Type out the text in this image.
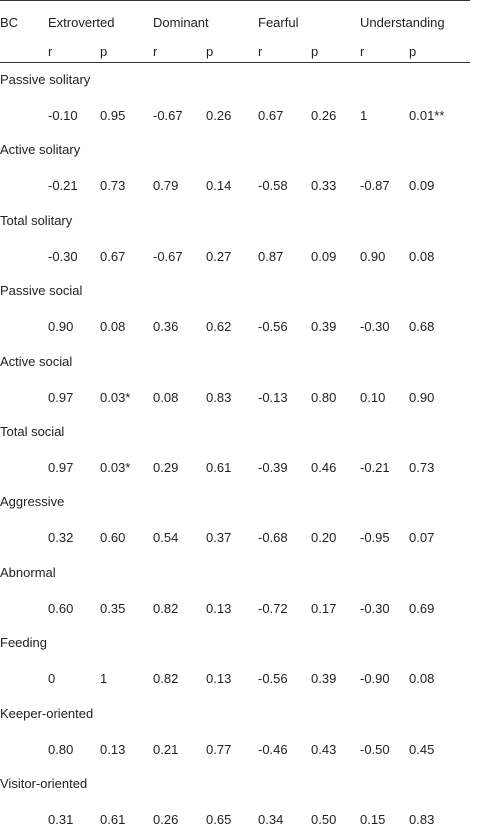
BC Extroverted	Dominant	Fearful	Understanding
r	p	r	p	r	p	r	p
Passive solitary
-0.10 0.95 -0.67 0.26 0.67 0.26 1	0.01**
Active solitary
-0.21 0.73 0.79 0.14 -0.58 0.33 -0.87 0.09
Total solitary
-0.30 0.67 -0.67 0.27 0.87 0.09 0.90 0.08
Passive social
0.90 0.08 0.36 0.62 -0.56 0.39 -0.30 0.68
Active social
0.97 0.03* 0.08 0.83 -0.13 0.80 0.10 0.90
Total social
0.97 0.03* 0.29 0.61 -0.39 0.46 -0.21 0.73
Aggressive
0.32 0.60 0.54 0.37 -0.68 0.20 -0.95 0.07
Abnormal
0.60 0.35 0.82 0.13 -0.72 0.17 -0.30 0.69
Feeding
0	1	0.82 0.13 -0.56 0.39 -0.90 0.08
Keeper-oriented
0.80 0.13 0.21 0.77 -0.46 0.43 -0.50 0.45
Visitor-oriented
0.31 0.61 0.26 0.65 0.34 0.50 0.15 0.83
